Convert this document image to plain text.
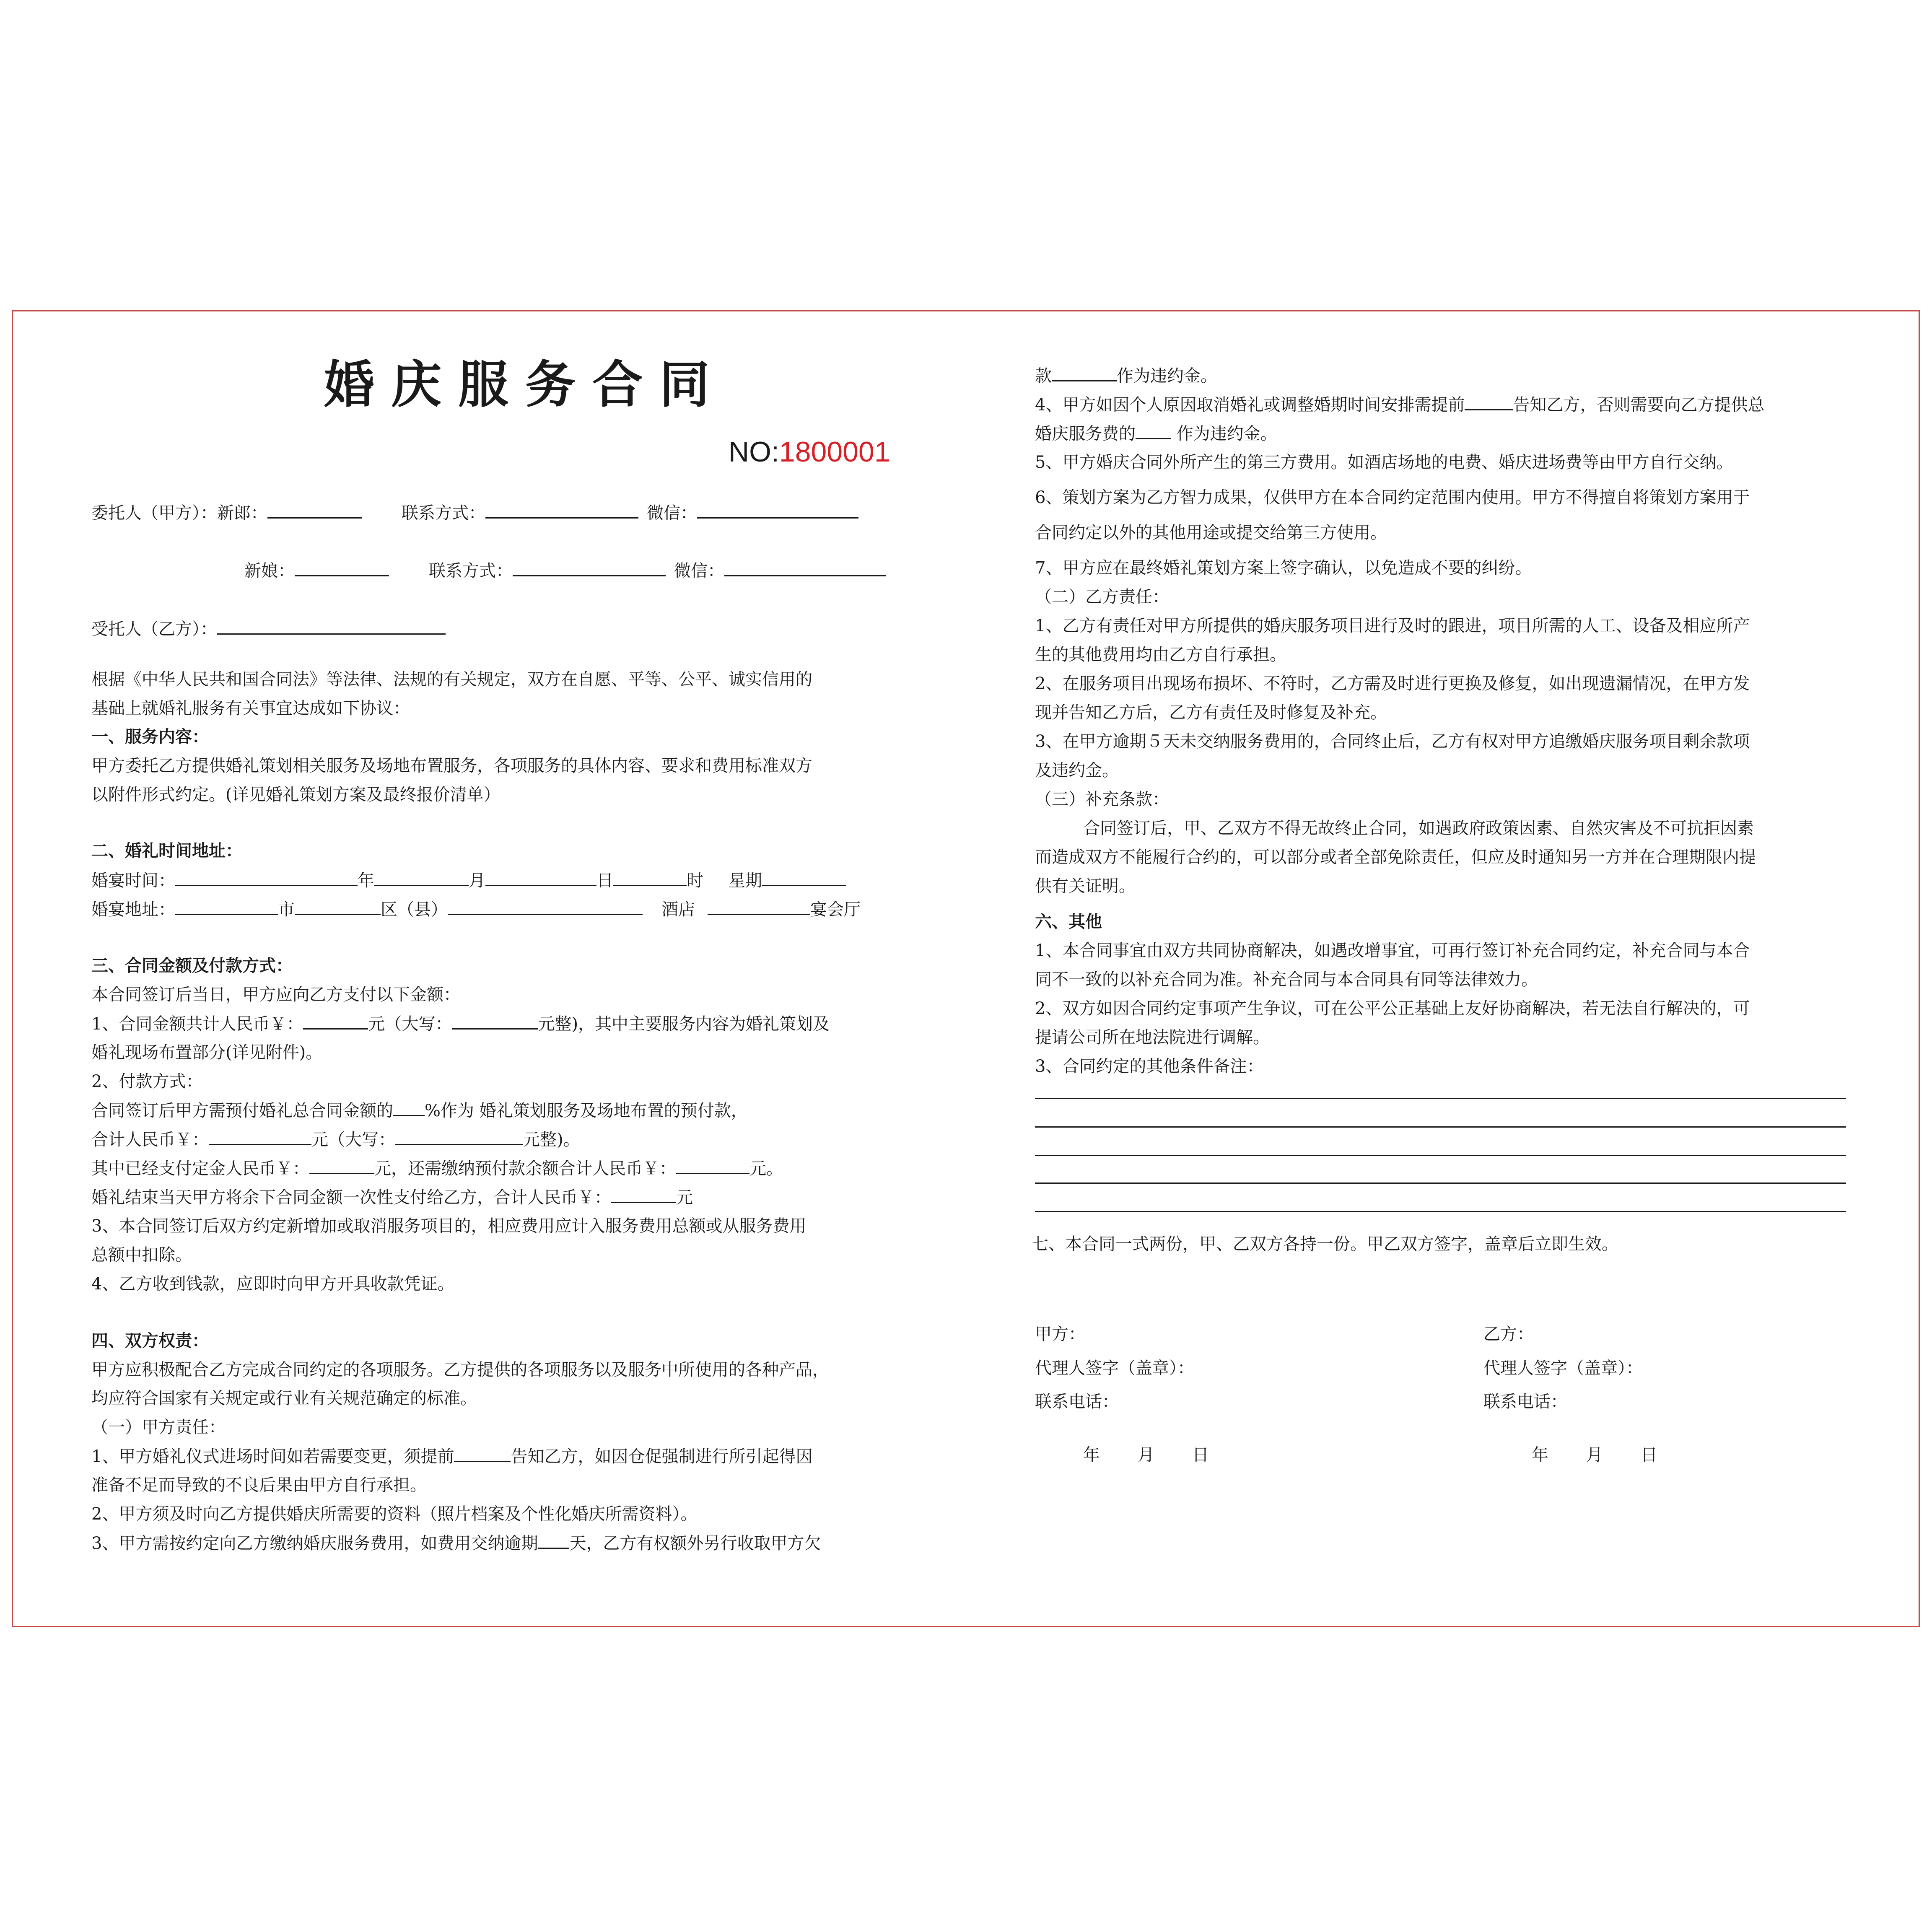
婚庆服务合同
NO:1800001
委托人（甲方）：新郎：	联系方式：	微信：
新娘：	联系方式：	微信：
受托人（乙方）：
根据《中华人民共和国合同法》等法律、法规的有关规定，双方在自愿、平等、公平、诚实信用的
基础上就婚礼服务有关事宜达成如下协议：
一、服务内容：
甲方委托乙方提供婚礼策划相关服务及场地布置服务，各项服务的具体内容、要求和费用标准双方
以附件形式约定。(详见婚礼策划方案及最终报价清单）
二、婚礼时间地址：
婚宴时间：	年	月	日	时 星期
婚宴地址：	市	区（县）	酒店	宴会厅
三、合同金额及付款方式：
本合同签订后当日，甲方应向乙方支付以下金额：
1、合同金额共计人民币￥：	元（大写：	元整)，其中主要服务内容为婚礼策划及
婚礼现场布置部分(详见附件)。
2、付款方式：
合同签订后甲方需预付婚礼总合同金额的 %作为 婚礼策划服务及场地布置的预付款，
合计人民币￥：	元（大写：	元整)。
其中已经支付定金人民币￥：	元，还需缴纳预付款余额合计人民币￥：	元。
婚礼结束当天甲方将余下合同金额一次性支付给乙方，合计人民币￥：	元
3、本合同签订后双方约定新增加或取消服务项目的，相应费用应计入服务费用总额或从服务费用
总额中扣除。
4、乙方收到钱款，应即时向甲方开具收款凭证。
四、双方权责：
甲方应积极配合乙方完成合同约定的各项服务。乙方提供的各项服务以及服务中所使用的各种产品，
均应符合国家有关规定或行业有关规范确定的标准。
（一）甲方责任：
1、甲方婚礼仪式进场时间如若需要变更，须提前	告知乙方，如因仓促强制进行所引起得因
准备不足而导致的不良后果由甲方自行承担。
2、甲方须及时向乙方提供婚庆所需要的资料（照片档案及个性化婚庆所需资料）。
3、甲方需按约定向乙方缴纳婚庆服务费用，如费用交纳逾期 天，乙方有权额外另行收取甲方欠
款	作为违约金。
4、甲方如因个人原因取消婚礼或调整婚期时间安排需提前	告知乙方，否则需要向乙方提供总
婚庆服务费的 作为违约金。
5、甲方婚庆合同外所产生的第三方费用。如酒店场地的电费、婚庆进场费等由甲方自行交纳。
6、策划方案为乙方智力成果，仅供甲方在本合同约定范围内使用。甲方不得擅自将策划方案用于
合同约定以外的其他用途或提交给第三方使用。
7、甲方应在最终婚礼策划方案上签字确认，以免造成不要的纠纷。
（二）乙方责任：
1、乙方有责任对甲方所提供的婚庆服务项目进行及时的跟进，项目所需的人工、设备及相应所产
生的其他费用均由乙方自行承担。
2、在服务项目出现场布损坏、不符时，乙方需及时进行更换及修复，如出现遗漏情况，在甲方发
现并告知乙方后，乙方有责任及时修复及补充。
3、在甲方逾期５天未交纳服务费用的，合同终止后，乙方有权对甲方追缴婚庆服务项目剩余款项
及违约金。
（三）补充条款：
合同签订后，甲、乙双方不得无故终止合同，如遇政府政策因素、自然灾害及不可抗拒因素
而造成双方不能履行合约的，可以部分或者全部免除责任，但应及时通知另一方并在合理期限内提
供有关证明。
六、其他
1、本合同事宜由双方共同协商解决，如遇改增事宜，可再行签订补充合同约定，补充合同与本合
同不一致的以补充合同为准。补充合同与本合同具有同等法律效力。
2、双方如因合同约定事项产生争议，可在公平公正基础上友好协商解决，若无法自行解决的，可
提请公司所在地法院进行调解。
3、合同约定的其他条件备注：
七、本合同一式两份，甲、乙双方各持一份。甲乙双方签字，盖章后立即生效。
甲方：
代理人签字（盖章）：
联系电话：
年 月 日
乙方：
代理人签字（盖章）：
联系电话：
年 月 日
